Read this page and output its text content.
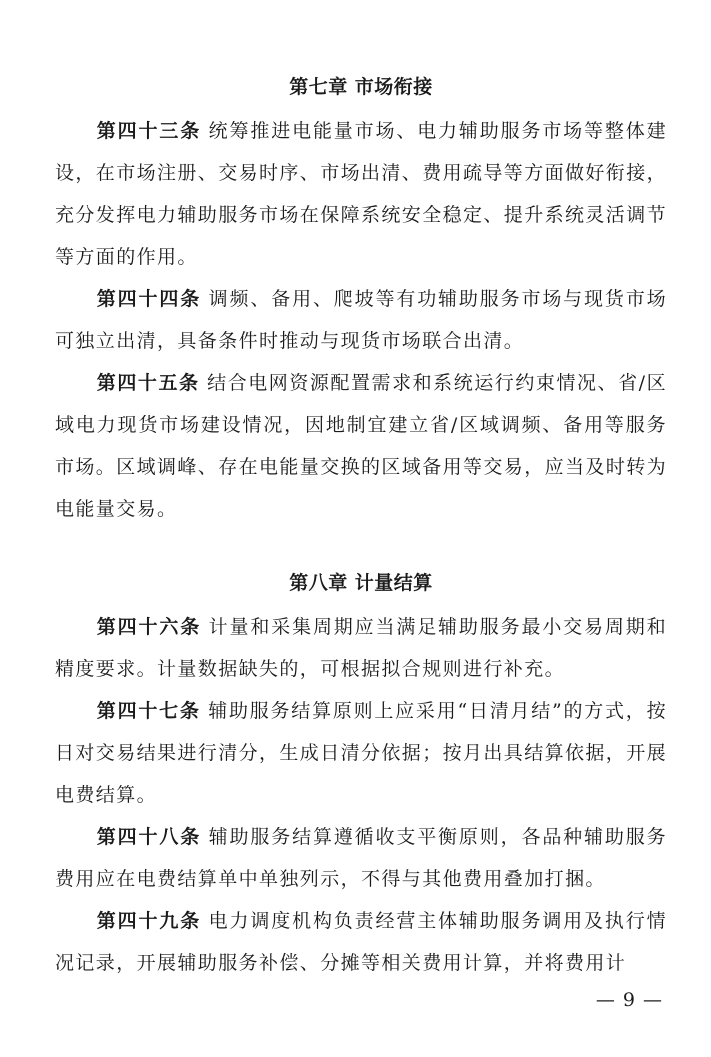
第七章 市场衔接

第四十三条 统筹推进电能量市场、电力辅助服务市场等整体建设，在市场注册、交易时序、市场出清、费用疏导等方面做好衔接，充分发挥电力辅助服务市场在保障系统安全稳定、提升系统灵活调节等方面的作用。

第四十四条 调频、备用、爬坡等有功辅助服务市场与现货市场可独立出清，具备条件时推动与现货市场联合出清。

第四十五条 结合电网资源配置需求和系统运行约束情况、省/区域电力现货市场建设情况，因地制宜建立省/区域调频、备用等服务市场。区域调峰、存在电能量交换的区域备用等交易，应当及时转为电能量交易。

第八章 计量结算

第四十六条 计量和采集周期应当满足辅助服务最小交易周期和精度要求。计量数据缺失的，可根据拟合规则进行补充。

第四十七条 辅助服务结算原则上应采用“日清月结”的方式，按日对交易结果进行清分，生成日清分依据；按月出具结算依据，开展电费结算。

第四十八条 辅助服务结算遵循收支平衡原则，各品种辅助服务费用应在电费结算单中单独列示，不得与其他费用叠加打捆。

第四十九条 电力调度机构负责经营主体辅助服务调用及执行情况记录，开展辅助服务补偿、分摊等相关费用计算，并将费用计

— 9 —
